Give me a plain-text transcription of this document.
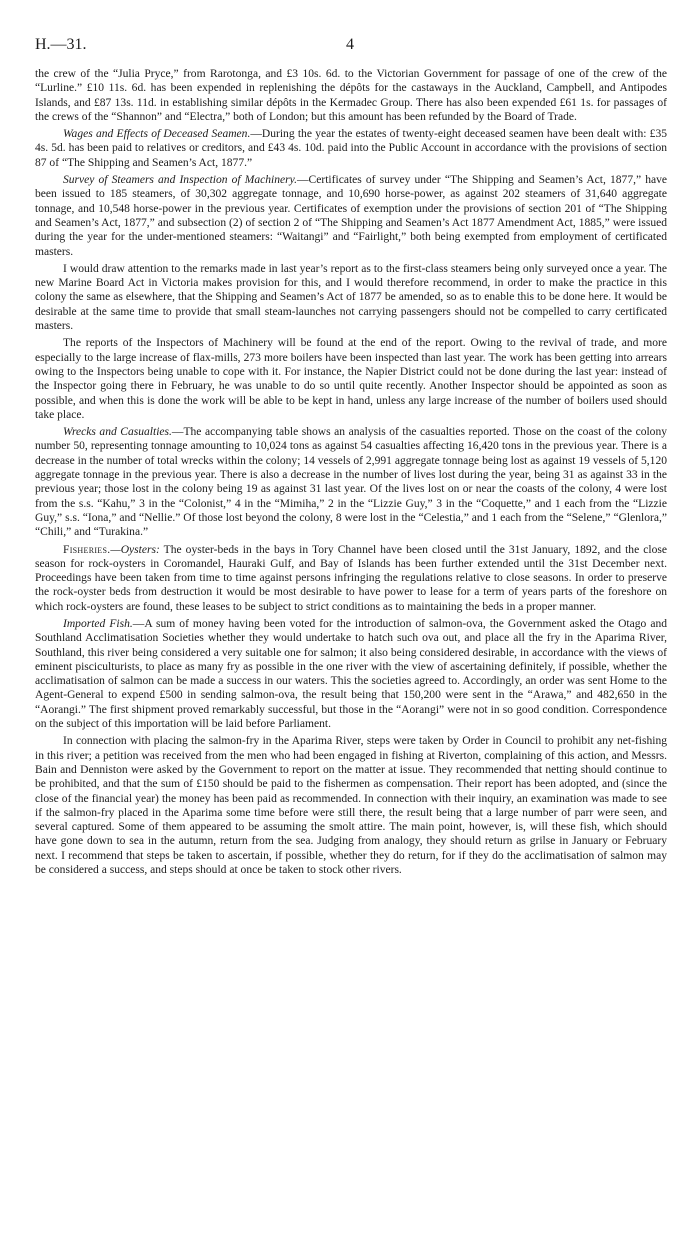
H.—31.	4

the crew of the “Julia Pryce,” from Rarotonga, and £3 10s. 6d. to the Victorian Government for passage of one of the crew of the “Lurline.” £10 11s. 6d. has been expended in replenishing the dépôts for the castaways in the Auckland, Campbell, and Antipodes Islands, and £87 13s. 11d. in establishing similar dépôts in the Kermadec Group. There has also been expended £61 1s. for passages of the crews of the “Shannon” and “Electra,” both of London; but this amount has been refunded by the Board of Trade.

Wages and Effects of Deceased Seamen.—During the year the estates of twenty-eight deceased seamen have been dealt with: £35 4s. 5d. has been paid to relatives or creditors, and £43 4s. 10d. paid into the Public Account in accordance with the provisions of section 87 of “The Shipping and Seamen’s Act, 1877.”

Survey of Steamers and Inspection of Machinery.—Certificates of survey under “The Shipping and Seamen’s Act, 1877,” have been issued to 185 steamers, of 30,302 aggregate tonnage, and 10,690 horse-power, as against 202 steamers of 31,640 aggregate tonnage, and 10,548 horse-power in the previous year. Certificates of exemption under the provisions of section 201 of “The Shipping and Seamen’s Act, 1877,” and subsection (2) of section 2 of “The Shipping and Seamen’s Act 1877 Amendment Act, 1885,” were issued during the year for the under-mentioned steamers: “Waitangi” and “Fairlight,” both being exempted from employment of certificated masters.

I would draw attention to the remarks made in last year’s report as to the first-class steamers being only surveyed once a year. The new Marine Board Act in Victoria makes provision for this, and I would therefore recommend, in order to make the practice in this colony the same as elsewhere, that the Shipping and Seamen’s Act of 1877 be amended, so as to enable this to be done here. It would be desirable at the same time to provide that small steam-launches not carrying passengers should not be compelled to carry certificated masters.

The reports of the Inspectors of Machinery will be found at the end of the report. Owing to the revival of trade, and more especially to the large increase of flax-mills, 273 more boilers have been inspected than last year. The work has been getting into arrears owing to the Inspectors being unable to cope with it. For instance, the Napier District could not be done during the last year: instead of the Inspector going there in February, he was unable to do so until quite recently. Another Inspector should be appointed as soon as possible, and when this is done the work will be able to be kept in hand, unless any large increase of the number of boilers used should take place.

Wrecks and Casualties.—The accompanying table shows an analysis of the casualties reported. Those on the coast of the colony number 50, representing tonnage amounting to 10,024 tons as against 54 casualties affecting 16,420 tons in the previous year. There is a decrease in the number of total wrecks within the colony; 14 vessels of 2,991 aggregate tonnage being lost as against 19 vessels of 5,120 aggregate tonnage in the previous year. There is also a decrease in the number of lives lost during the year, being 31 as against 33 in the previous year; those lost in the colony being 19 as against 31 last year. Of the lives lost on or near the coasts of the colony, 4 were lost from the s.s. “Kahu,” 3 in the “Colonist,” 4 in the “Mimiha,” 2 in the “Lizzie Guy,” 3 in the “Coquette,” and 1 each from the “Lizzie Guy,” s.s. “Iona,” and “Nellie.” Of those lost beyond the colony, 8 were lost in the “Celestia,” and 1 each from the “Selene,” “Glenlora,” “Chili,” and “Turakina.”

Fisheries.—Oysters: The oyster-beds in the bays in Tory Channel have been closed until the 31st January, 1892, and the close season for rock-oysters in Coromandel, Hauraki Gulf, and Bay of Islands has been further extended until the 31st December next. Proceedings have been taken from time to time against persons infringing the regulations relative to close seasons. In order to preserve the rock-oyster beds from destruction it would be most desirable to have power to lease for a term of years parts of the foreshore on which rock-oysters are found, these leases to be subject to strict conditions as to maintaining the beds in a proper manner.

Imported Fish.—A sum of money having been voted for the introduction of salmon-ova, the Government asked the Otago and Southland Acclimatisation Societies whether they would undertake to hatch such ova out, and place all the fry in the Aparima River, Southland, this river being considered a very suitable one for salmon; it also being considered desirable, in accordance with the views of eminent pisciculturists, to place as many fry as possible in the one river with the view of ascertaining definitely, if possible, whether the acclimatisation of salmon can be made a success in our waters. This the societies agreed to. Accordingly, an order was sent Home to the Agent-General to expend £500 in sending salmon-ova, the result being that 150,200 were sent in the “Arawa,” and 482,650 in the “Aorangi.” The first shipment proved remarkably successful, but those in the “Aorangi” were not in so good condition. Correspondence on the subject of this importation will be laid before Parliament.

In connection with placing the salmon-fry in the Aparima River, steps were taken by Order in Council to prohibit any net-fishing in this river; a petition was received from the men who had been engaged in fishing at Riverton, complaining of this action, and Messrs. Bain and Denniston were asked by the Government to report on the matter at issue. They recommended that netting should continue to be prohibited, and that the sum of £150 should be paid to the fishermen as compensation. Their report has been adopted, and (since the close of the financial year) the money has been paid as recommended. In connection with their inquiry, an examination was made to see if the salmon-fry placed in the Aparima some time before were still there, the result being that a large number of parr were seen, and several captured. Some of them appeared to be assuming the smolt attire. The main point, however, is, will these fish, which should have gone down to sea in the autumn, return from the sea. Judging from analogy, they should return as grilse in January or February next. I recommend that steps be taken to ascertain, if possible, whether they do return, for if they do the acclimatisation of salmon may be considered a success, and steps should at once be taken to stock other rivers.
